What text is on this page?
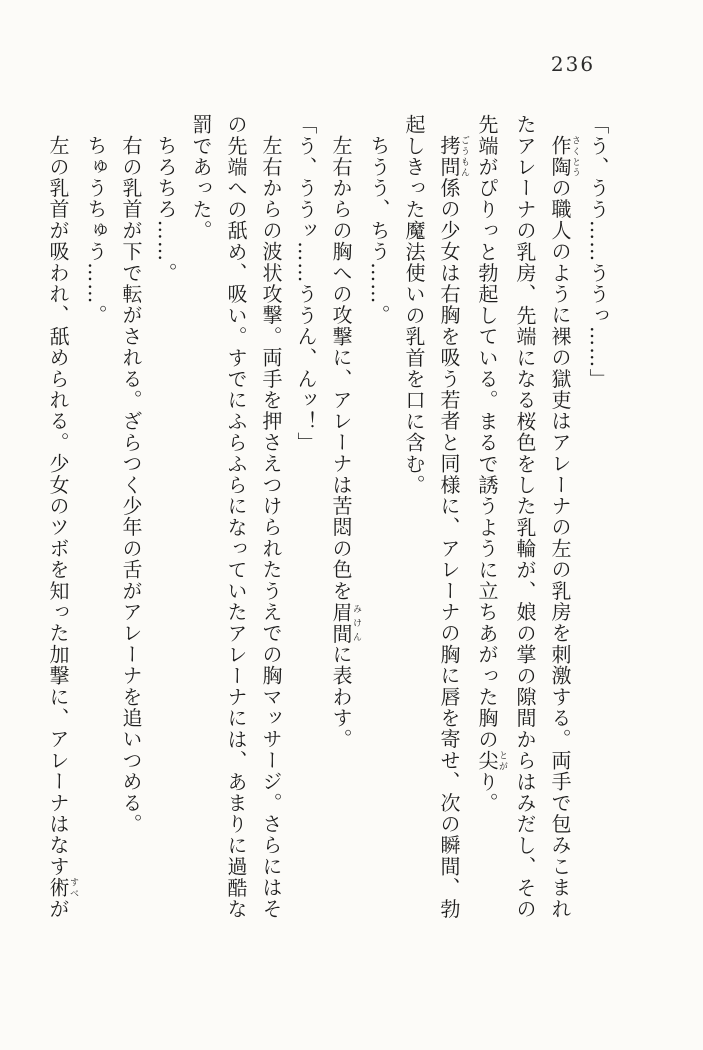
236
「う、うう……ううっ……」
作陶さくとうの職人のように裸の獄吏はアレーナの左の乳房を刺激する。両手で包みこまれ
たアレーナの乳房、先端になる桜色をした乳輪が、娘の掌の隙間からはみだし、その
先端がぴりっと勃起している。まるで誘うように立ちあがった胸の尖とがり。
拷問ごうもん係の少女は右胸を吸う若者と同様に、アレーナの胸に唇を寄せ、次の瞬間、勃
起しきった魔法使いの乳首を口に含む。
ちうう、ちう……。
左右からの胸への攻撃に、アレーナは苦悶の色を眉間みけんに表わす。
「う、ううッ……ううん、んッ！」
左右からの波状攻撃。両手を押さえつけられたうえでの胸マッサージ。さらにはそ
の先端への舐め、吸い。すでにふらふらになっていたアレーナには、あまりに過酷な
罰であった。
ちろちろ……。
右の乳首が下で転がされる。ざらつく少年の舌がアレーナを追いつめる。
ちゅうちゅう……。
左の乳首が吸われ、舐められる。少女のツボを知った加撃に、アレーナはなす術すべが
